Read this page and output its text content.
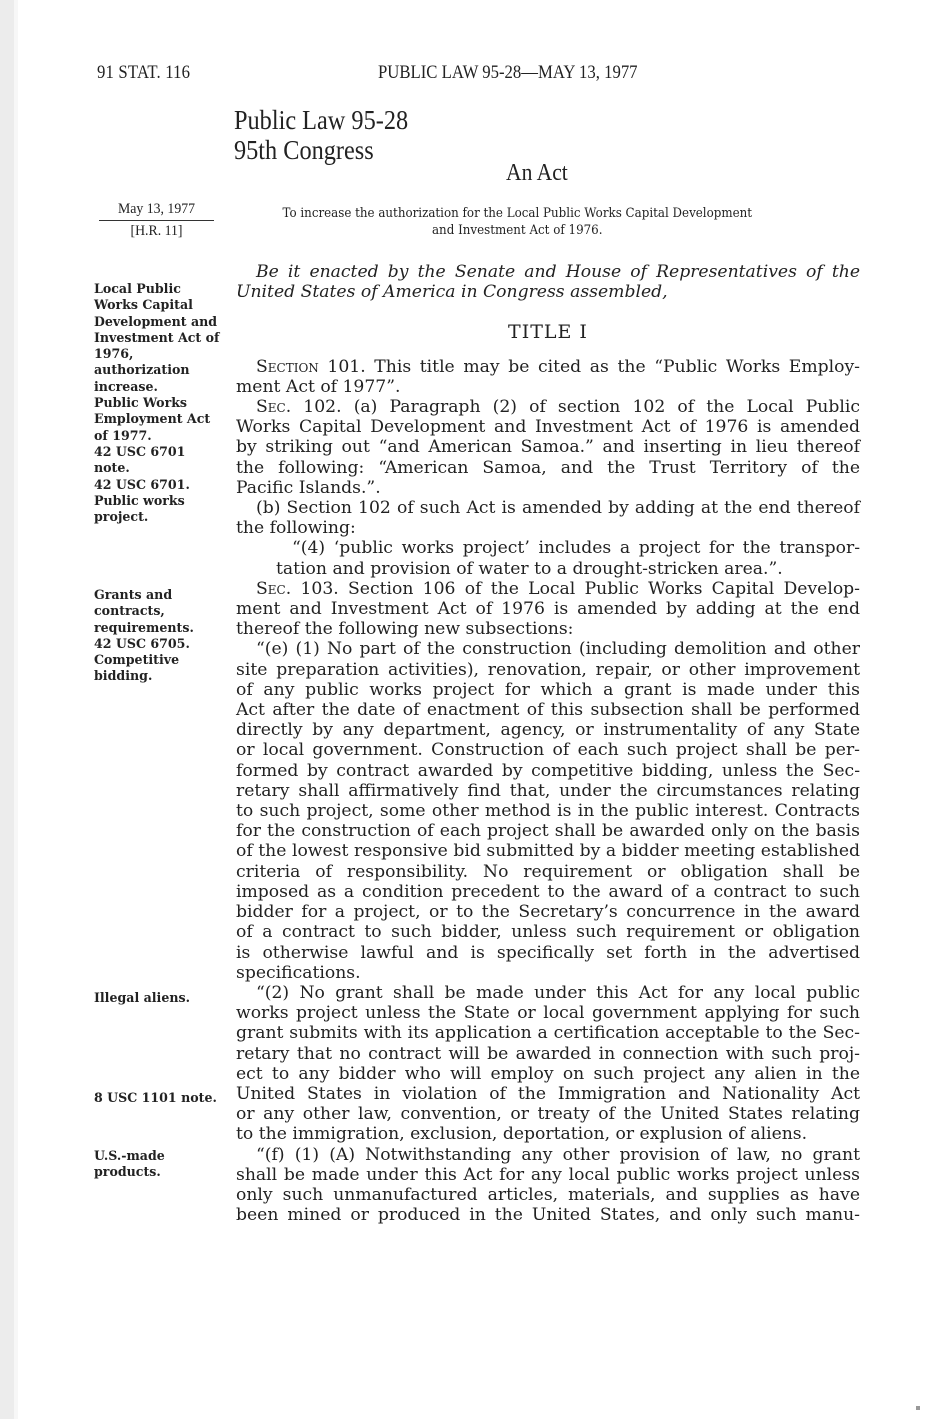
91 STAT. 116	PUBLIC LAW 95-28—MAY 13, 1977
Public Law 95-28
95th Congress
An Act
May 13, 1977
[H.R. 11]
To increase the authorization for the Local Public Works Capital Development
and Investment Act of 1976.
Local Public
Works Capital
Development and
Investment Act of
1976,
authorization
increase.
Public Works
Employment Act
of 1977.
42 USC 6701
note.
42 USC 6701.
Public works
project.
Grants and
contracts,
requirements.
42 USC 6705.
Competitive
bidding.
Illegal aliens.
8 USC 1101 note.
U.S.-made
products.
Be it enacted by the Senate and House of Representatives of the
United States of America in Congress assembled,
TITLE I
Section 101. This title may be cited as the “Public Works Employ-
ment Act of 1977”.
Sec. 102. (a) Paragraph (2) of section 102 of the Local Public
Works Capital Development and Investment Act of 1976 is amended
by striking out “and American Samoa.” and inserting in lieu thereof
the following: “American Samoa, and the Trust Territory of the
Pacific Islands.”.
(b) Section 102 of such Act is amended by adding at the end thereof
the following:
“(4) ‘public works project’ includes a project for the transpor-
tation and provision of water to a drought-stricken area.”.
Sec. 103. Section 106 of the Local Public Works Capital Develop-
ment and Investment Act of 1976 is amended by adding at the end
thereof the following new subsections:
“(e) (1) No part of the construction (including demolition and other
site preparation activities), renovation, repair, or other improvement
of any public works project for which a grant is made under this
Act after the date of enactment of this subsection shall be performed
directly by any department, agency, or instrumentality of any State
or local government. Construction of each such project shall be per-
formed by contract awarded by competitive bidding, unless the Sec-
retary shall affirmatively find that, under the circumstances relating
to such project, some other method is in the public interest. Contracts
for the construction of each project shall be awarded only on the basis
of the lowest responsive bid submitted by a bidder meeting established
criteria of responsibility. No requirement or obligation shall be
imposed as a condition precedent to the award of a contract to such
bidder for a project, or to the Secretary’s concurrence in the award
of a contract to such bidder, unless such requirement or obligation
is otherwise lawful and is specifically set forth in the advertised
specifications.
“(2) No grant shall be made under this Act for any local public
works project unless the State or local government applying for such
grant submits with its application a certification acceptable to the Sec-
retary that no contract will be awarded in connection with such proj-
ect to any bidder who will employ on such project any alien in the
United States in violation of the Immigration and Nationality Act
or any other law, convention, or treaty of the United States relating
to the immigration, exclusion, deportation, or explusion of aliens.
“(f) (1) (A) Notwithstanding any other provision of law, no grant
shall be made under this Act for any local public works project unless
only such unmanufactured articles, materials, and supplies as have
been mined or produced in the United States, and only such manu-
